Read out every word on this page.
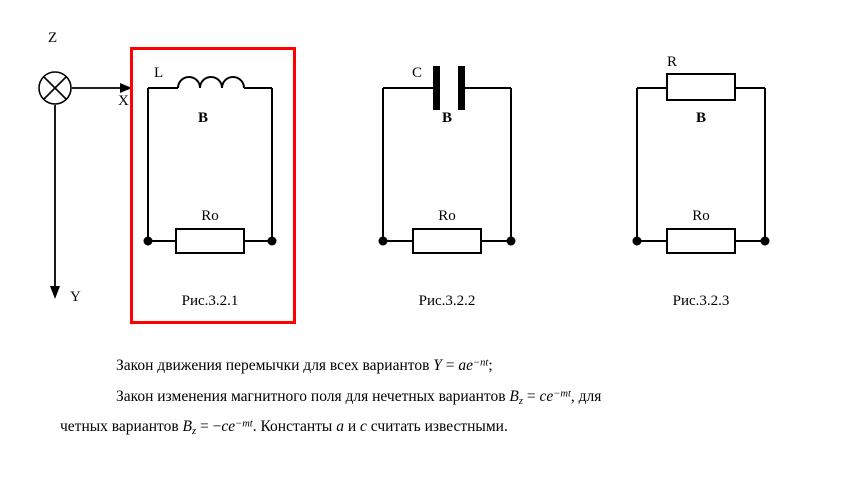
Z
X
Y
L
B
Ro
Рис.3.2.1
C
B
Ro
Рис.3.2.2
R
B
Ro
Рис.3.2.3

Закон движения перемычки для всех вариантов $Y = ae^{-nt}$;

Закон изменения магнитного поля для нечетных вариантов $B_z = ce^{-mt}$, для

четных вариантов $B_z = -ce^{-mt}$. Константы a и c считать известными.
